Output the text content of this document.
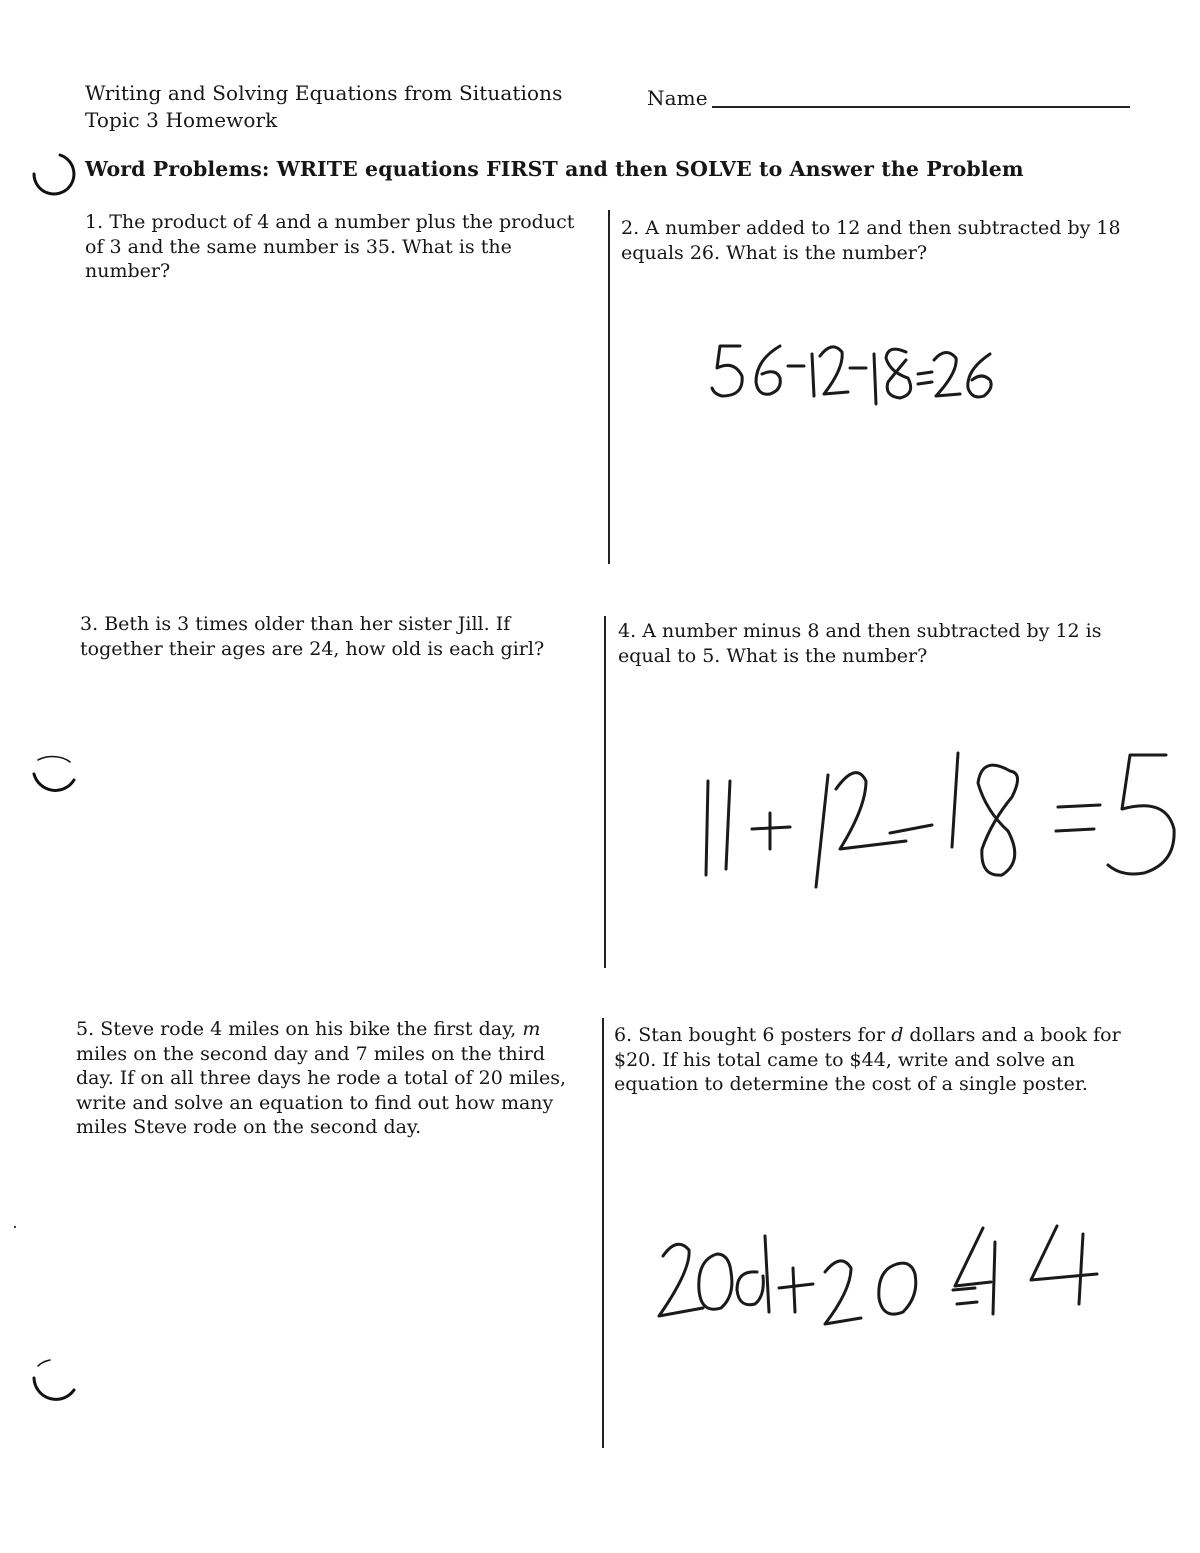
Writing and Solving Equations from Situations
Topic 3 Homework
Name
Word Problems: WRITE equations FIRST and then SOLVE to Answer the Problem
1. The product of 4 and a number plus the product of 3 and the same number is 35. What is the number?
2. A number added to 12 and then subtracted by 18 equals 26. What is the number?
3. Beth is 3 times older than her sister Jill. If together their ages are 24, how old is each girl?
4. A number minus 8 and then subtracted by 12 is equal to 5. What is the number?
5. Steve rode 4 miles on his bike the first day, m miles on the second day and 7 miles on the third day. If on all three days he rode a total of 20 miles, write and solve an equation to find out how many miles Steve rode on the second day.
6. Stan bought 6 posters for d dollars and a book for $20. If his total came to $44, write and solve an equation to determine the cost of a single poster.
